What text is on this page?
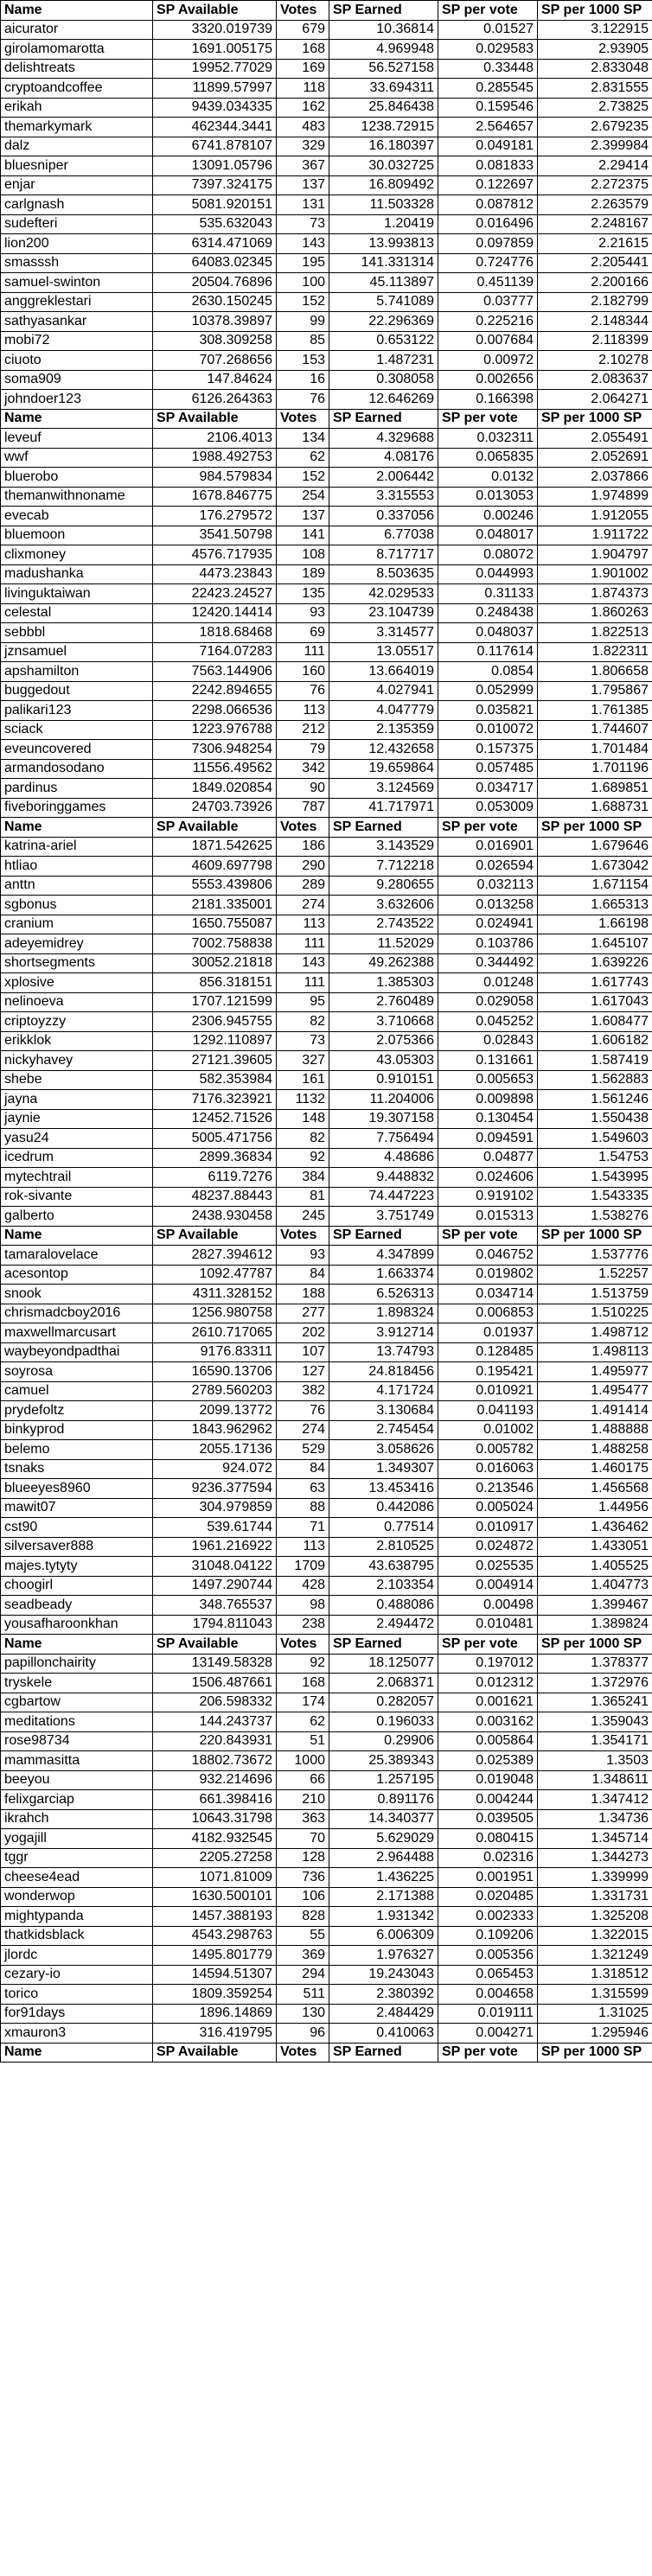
Name	SP Available	Votes	SP Earned	SP per vote	SP per 1000 SP
aicurator	3320.019739	679	10.36814	0.01527	3.122915
girolamomarotta	1691.005175	168	4.969948	0.029583	2.93905
delishtreats	19952.77029	169	56.527158	0.33448	2.833048
cryptoandcoffee	11899.57997	118	33.694311	0.285545	2.831555
erikah	9439.034335	162	25.846438	0.159546	2.73825
themarkymark	462344.3441	483	1238.72915	2.564657	2.679235
dalz	6741.878107	329	16.180397	0.049181	2.399984
bluesniper	13091.05796	367	30.032725	0.081833	2.29414
enjar	7397.324175	137	16.809492	0.122697	2.272375
carlgnash	5081.920151	131	11.503328	0.087812	2.263579
sudefteri	535.632043	73	1.20419	0.016496	2.248167
lion200	6314.471069	143	13.993813	0.097859	2.21615
smasssh	64083.02345	195	141.331314	0.724776	2.205441
samuel-swinton	20504.76896	100	45.113897	0.451139	2.200166
anggreklestari	2630.150245	152	5.741089	0.03777	2.182799
sathyasankar	10378.39897	99	22.296369	0.225216	2.148344
mobi72	308.309258	85	0.653122	0.007684	2.118399
ciuoto	707.268656	153	1.487231	0.00972	2.10278
soma909	147.84624	16	0.308058	0.002656	2.083637
johndoer123	6126.264363	76	12.646269	0.166398	2.064271
Name	SP Available	Votes	SP Earned	SP per vote	SP per 1000 SP
leveuf	2106.4013	134	4.329688	0.032311	2.055491
wwf	1988.492753	62	4.08176	0.065835	2.052691
bluerobo	984.579834	152	2.006442	0.0132	2.037866
themanwithnoname	1678.846775	254	3.315553	0.013053	1.974899
evecab	176.279572	137	0.337056	0.00246	1.912055
bluemoon	3541.50798	141	6.77038	0.048017	1.911722
clixmoney	4576.717935	108	8.717717	0.08072	1.904797
madushanka	4473.23843	189	8.503635	0.044993	1.901002
livinguktaiwan	22423.24527	135	42.029533	0.31133	1.874373
celestal	12420.14414	93	23.104739	0.248438	1.860263
sebbbl	1818.68468	69	3.314577	0.048037	1.822513
jznsamuel	7164.07283	111	13.05517	0.117614	1.822311
apshamilton	7563.144906	160	13.664019	0.0854	1.806658
buggedout	2242.894655	76	4.027941	0.052999	1.795867
palikari123	2298.066536	113	4.047779	0.035821	1.761385
sciack	1223.976788	212	2.135359	0.010072	1.744607
eveuncovered	7306.948254	79	12.432658	0.157375	1.701484
armandosodano	11556.49562	342	19.659864	0.057485	1.701196
pardinus	1849.020854	90	3.124569	0.034717	1.689851
fiveboringgames	24703.73926	787	41.717971	0.053009	1.688731
Name	SP Available	Votes	SP Earned	SP per vote	SP per 1000 SP
katrina-ariel	1871.542625	186	3.143529	0.016901	1.679646
htliao	4609.697798	290	7.712218	0.026594	1.673042
anttn	5553.439806	289	9.280655	0.032113	1.671154
sgbonus	2181.335001	274	3.632606	0.013258	1.665313
cranium	1650.755087	113	2.743522	0.024941	1.66198
adeyemidrey	7002.758838	111	11.52029	0.103786	1.645107
shortsegments	30052.21818	143	49.262388	0.344492	1.639226
xplosive	856.318151	111	1.385303	0.01248	1.617743
nelinoeva	1707.121599	95	2.760489	0.029058	1.617043
criptoyzzy	2306.945755	82	3.710668	0.045252	1.608477
erikklok	1292.110897	73	2.075366	0.02843	1.606182
nickyhavey	27121.39605	327	43.05303	0.131661	1.587419
shebe	582.353984	161	0.910151	0.005653	1.562883
jayna	7176.323921	1132	11.204006	0.009898	1.561246
jaynie	12452.71526	148	19.307158	0.130454	1.550438
yasu24	5005.471756	82	7.756494	0.094591	1.549603
icedrum	2899.36834	92	4.48686	0.04877	1.54753
mytechtrail	6119.7276	384	9.448832	0.024606	1.543995
rok-sivante	48237.88443	81	74.447223	0.919102	1.543335
galberto	2438.930458	245	3.751749	0.015313	1.538276
Name	SP Available	Votes	SP Earned	SP per vote	SP per 1000 SP
tamaralovelace	2827.394612	93	4.347899	0.046752	1.537776
acesontop	1092.47787	84	1.663374	0.019802	1.52257
snook	4311.328152	188	6.526313	0.034714	1.513759
chrismadcboy2016	1256.980758	277	1.898324	0.006853	1.510225
maxwellmarcusart	2610.717065	202	3.912714	0.01937	1.498712
waybeyondpadthai	9176.83311	107	13.74793	0.128485	1.498113
soyrosa	16590.13706	127	24.818456	0.195421	1.495977
camuel	2789.560203	382	4.171724	0.010921	1.495477
prydefoltz	2099.13772	76	3.130684	0.041193	1.491414
binkyprod	1843.962962	274	2.745454	0.01002	1.488888
belemo	2055.17136	529	3.058626	0.005782	1.488258
tsnaks	924.072	84	1.349307	0.016063	1.460175
blueeyes8960	9236.377594	63	13.453416	0.213546	1.456568
mawit07	304.979859	88	0.442086	0.005024	1.44956
cst90	539.61744	71	0.77514	0.010917	1.436462
silversaver888	1961.216922	113	2.810525	0.024872	1.433051
majes.tytyty	31048.04122	1709	43.638795	0.025535	1.405525
choogirl	1497.290744	428	2.103354	0.004914	1.404773
seadbeady	348.765537	98	0.488086	0.00498	1.399467
yousafharoonkhan	1794.811043	238	2.494472	0.010481	1.389824
Name	SP Available	Votes	SP Earned	SP per vote	SP per 1000 SP
papillonchairity	13149.58328	92	18.125077	0.197012	1.378377
tryskele	1506.487661	168	2.068371	0.012312	1.372976
cgbartow	206.598332	174	0.282057	0.001621	1.365241
meditations	144.243737	62	0.196033	0.003162	1.359043
rose98734	220.843931	51	0.29906	0.005864	1.354171
mammasitta	18802.73672	1000	25.389343	0.025389	1.3503
beeyou	932.214696	66	1.257195	0.019048	1.348611
felixgarciap	661.398416	210	0.891176	0.004244	1.347412
ikrahch	10643.31798	363	14.340377	0.039505	1.34736
yogajill	4182.932545	70	5.629029	0.080415	1.345714
tggr	2205.27258	128	2.964488	0.02316	1.344273
cheese4ead	1071.81009	736	1.436225	0.001951	1.339999
wonderwop	1630.500101	106	2.171388	0.020485	1.331731
mightypanda	1457.388193	828	1.931342	0.002333	1.325208
thatkidsblack	4543.298763	55	6.006309	0.109206	1.322015
jlordc	1495.801779	369	1.976327	0.005356	1.321249
cezary-io	14594.51307	294	19.243043	0.065453	1.318512
torico	1809.359254	511	2.380392	0.004658	1.315599
for91days	1896.14869	130	2.484429	0.019111	1.31025
xmauron3	316.419795	96	0.410063	0.004271	1.295946
Name	SP Available	Votes	SP Earned	SP per vote	SP per 1000 SP
